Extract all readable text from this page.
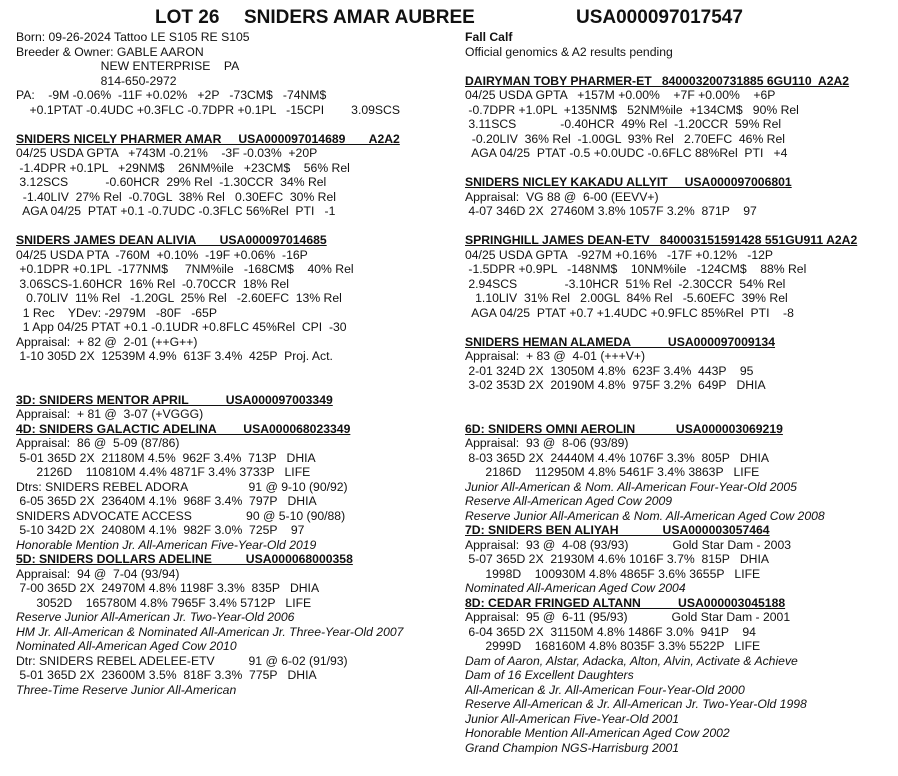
LOT 26 SNIDERS AMAR AUBREE	USA000097017547
Born: 09-26-2024 Tattoo LE S105 RE S105
Breeder & Owner: GABLE AARON
NEW ENTERPRISE    PA
814-650-2972
PA:    -9M -0.06%  -11F +0.02%   +2P   -73CM$   -74NM$
+0.1PTAT -0.4UDC +0.3FLC -0.7DPR +0.1PL   -15CPI        3.09SCS
SNIDERS NICELY PHARMER AMAR     USA000097014689       A2A2
04/25 USDA GPTA   +743M -0.21%    -3F -0.03%  +20P
-1.4DPR +0.1PL   +29NM$    26NM%ile   +23CM$    56% Rel
3.12SCS           -0.60HCR  29% Rel  -1.30CCR  34% Rel
-1.40LIV  27% Rel  -0.70GL  38% Rel   0.30EFC  30% Rel
AGA 04/25  PTAT +0.1 -0.7UDC -0.3FLC 56%Rel  PTI   -1
SNIDERS JAMES DEAN ALIVIA       USA000097014685
04/25 USDA PTA  -760M  +0.10%  -19F +0.06%  -16P
+0.1DPR +0.1PL  -177NM$     7NM%ile   -168CM$    40% Rel
3.06SCS-1.60HCR  16% Rel  -0.70CCR  18% Rel
0.70LIV  11% Rel   -1.20GL  25% Rel   -2.60EFC  13% Rel
1 Rec    YDev: -2979M   -80F   -65P
1 App 04/25 PTAT +0.1 -0.1UDR +0.8FLC 45%Rel  CPI  -30
Appraisal:  + 82 @  2-01 (++G++)
1-10 305D 2X  12539M 4.9%  613F 3.4%  425P  Proj. Act.
3D: SNIDERS MENTOR APRIL           USA000097003349
Appraisal:  + 81 @  3-07 (+VGGG)
4D: SNIDERS GALACTIC ADELINA        USA000068023349
Appraisal:  86 @  5-09 (87/86)
5-01 365D 2X  21180M 4.5%  962F 3.4%  713P   DHIA
2126D    110810M 4.4% 4871F 3.4% 3733P   LIFE
Dtrs: SNIDERS REBEL ADORA                  91 @ 9-10 (90/92)
6-05 365D 2X  23640M 4.1%  968F 3.4%  797P   DHIA
SNIDERS ADVOCATE ACCESS                90 @ 5-10 (90/88)
5-10 342D 2X  24080M 4.1%  982F 3.0%  725P    97
Honorable Mention Jr. All-American Five-Year-Old 2019
5D: SNIDERS DOLLARS ADELINE          USA000068000358
Appraisal:  94 @  7-04 (93/94)
7-00 365D 2X  24970M 4.8% 1198F 3.3%  835P   DHIA
3052D    165780M 4.8% 7965F 3.4% 5712P   LIFE
Reserve Junior All-American Jr. Two-Year-Old 2006
HM Jr. All-American & Nominated All-American Jr. Three-Year-Old 2007
Nominated All-American Aged Cow 2010
Dtr: SNIDERS REBEL ADELEE-ETV          91 @ 6-02 (91/93)
5-01 365D 2X  23600M 3.5%  818F 3.3%  775P   DHIA
Three-Time Reserve Junior All-American
Fall Calf
Official genomics & A2 results pending
DAIRYMAN TOBY PHARMER-ET   840003200731885 6GU110  A2A2
04/25 USDA GPTA   +157M +0.00%    +7F +0.00%    +6P
-0.7DPR +1.0PL  +135NM$   52NM%ile  +134CM$   90% Rel
3.11SCS             -0.40HCR  49% Rel  -1.20CCR  59% Rel
-0.20LIV  36% Rel  -1.00GL  93% Rel   2.70EFC  46% Rel
AGA 04/25  PTAT -0.5 +0.0UDC -0.6FLC 88%Rel  PTI   +4
SNIDERS NICLEY KAKADU ALLYIT     USA000097006801
Appraisal:  VG 88 @  6-00 (EEVV+)
4-07 346D 2X  27460M 3.8% 1057F 3.2%  871P    97
SPRINGHILL JAMES DEAN-ETV   840003151591428 551GU911 A2A2
04/25 USDA GPTA   -927M +0.16%   -17F +0.12%   -12P
-1.5DPR +0.9PL   -148NM$    10NM%ile   -124CM$    88% Rel
2.94SCS              -3.10HCR  51% Rel  -2.30CCR  54% Rel
1.10LIV  31% Rel   2.00GL  84% Rel   -5.60EFC  39% Rel
AGA 04/25  PTAT +0.7 +1.4UDC +0.9FLC 85%Rel  PTI    -8
SNIDERS HEMAN ALAMEDA           USA000097009134
Appraisal:  + 83 @  4-01 (+++V+)
2-01 324D 2X  13050M 4.8%  623F 3.4%  443P    95
3-02 353D 2X  20190M 4.8%  975F 3.2%  649P   DHIA
6D: SNIDERS OMNI AEROLIN            USA000003069219
Appraisal:  93 @  8-06 (93/89)
8-03 365D 2X  24440M 4.4% 1076F 3.3%  805P   DHIA
2186D    112950M 4.8% 5461F 3.4% 3863P   LIFE
Junior All-American & Nom. All-American Four-Year-Old 2005
Reserve All-American Aged Cow 2009
Reserve Junior All-American & Nom. All-American Aged Cow 2008
7D: SNIDERS BEN ALIYAH             USA000003057464
Appraisal:  93 @  4-08 (93/93)             Gold Star Dam - 2003
5-07 365D 2X  21930M 4.6% 1016F 3.7%  815P   DHIA
1998D    100930M 4.8% 4865F 3.6% 3655P   LIFE
Nominated All-American Aged Cow 2004
8D: CEDAR FRINGED ALTANN           USA000003045188
Appraisal:  95 @  6-11 (95/93)             Gold Star Dam - 2001
6-04 365D 2X  31150M 4.8% 1486F 3.0%  941P    94
2999D    168160M 4.8% 8035F 3.3% 5522P   LIFE
Dam of Aaron, Alstar, Adacka, Alton, Alvin, Activate & Achieve
Dam of 16 Excellent Daughters
All-American & Jr. All-American Four-Year-Old 2000
Reserve All-American & Jr. All-American Jr. Two-Year-Old 1998
Junior All-American Five-Year-Old 2001
Honorable Mention All-American Aged Cow 2002
Grand Champion NGS-Harrisburg 2001
